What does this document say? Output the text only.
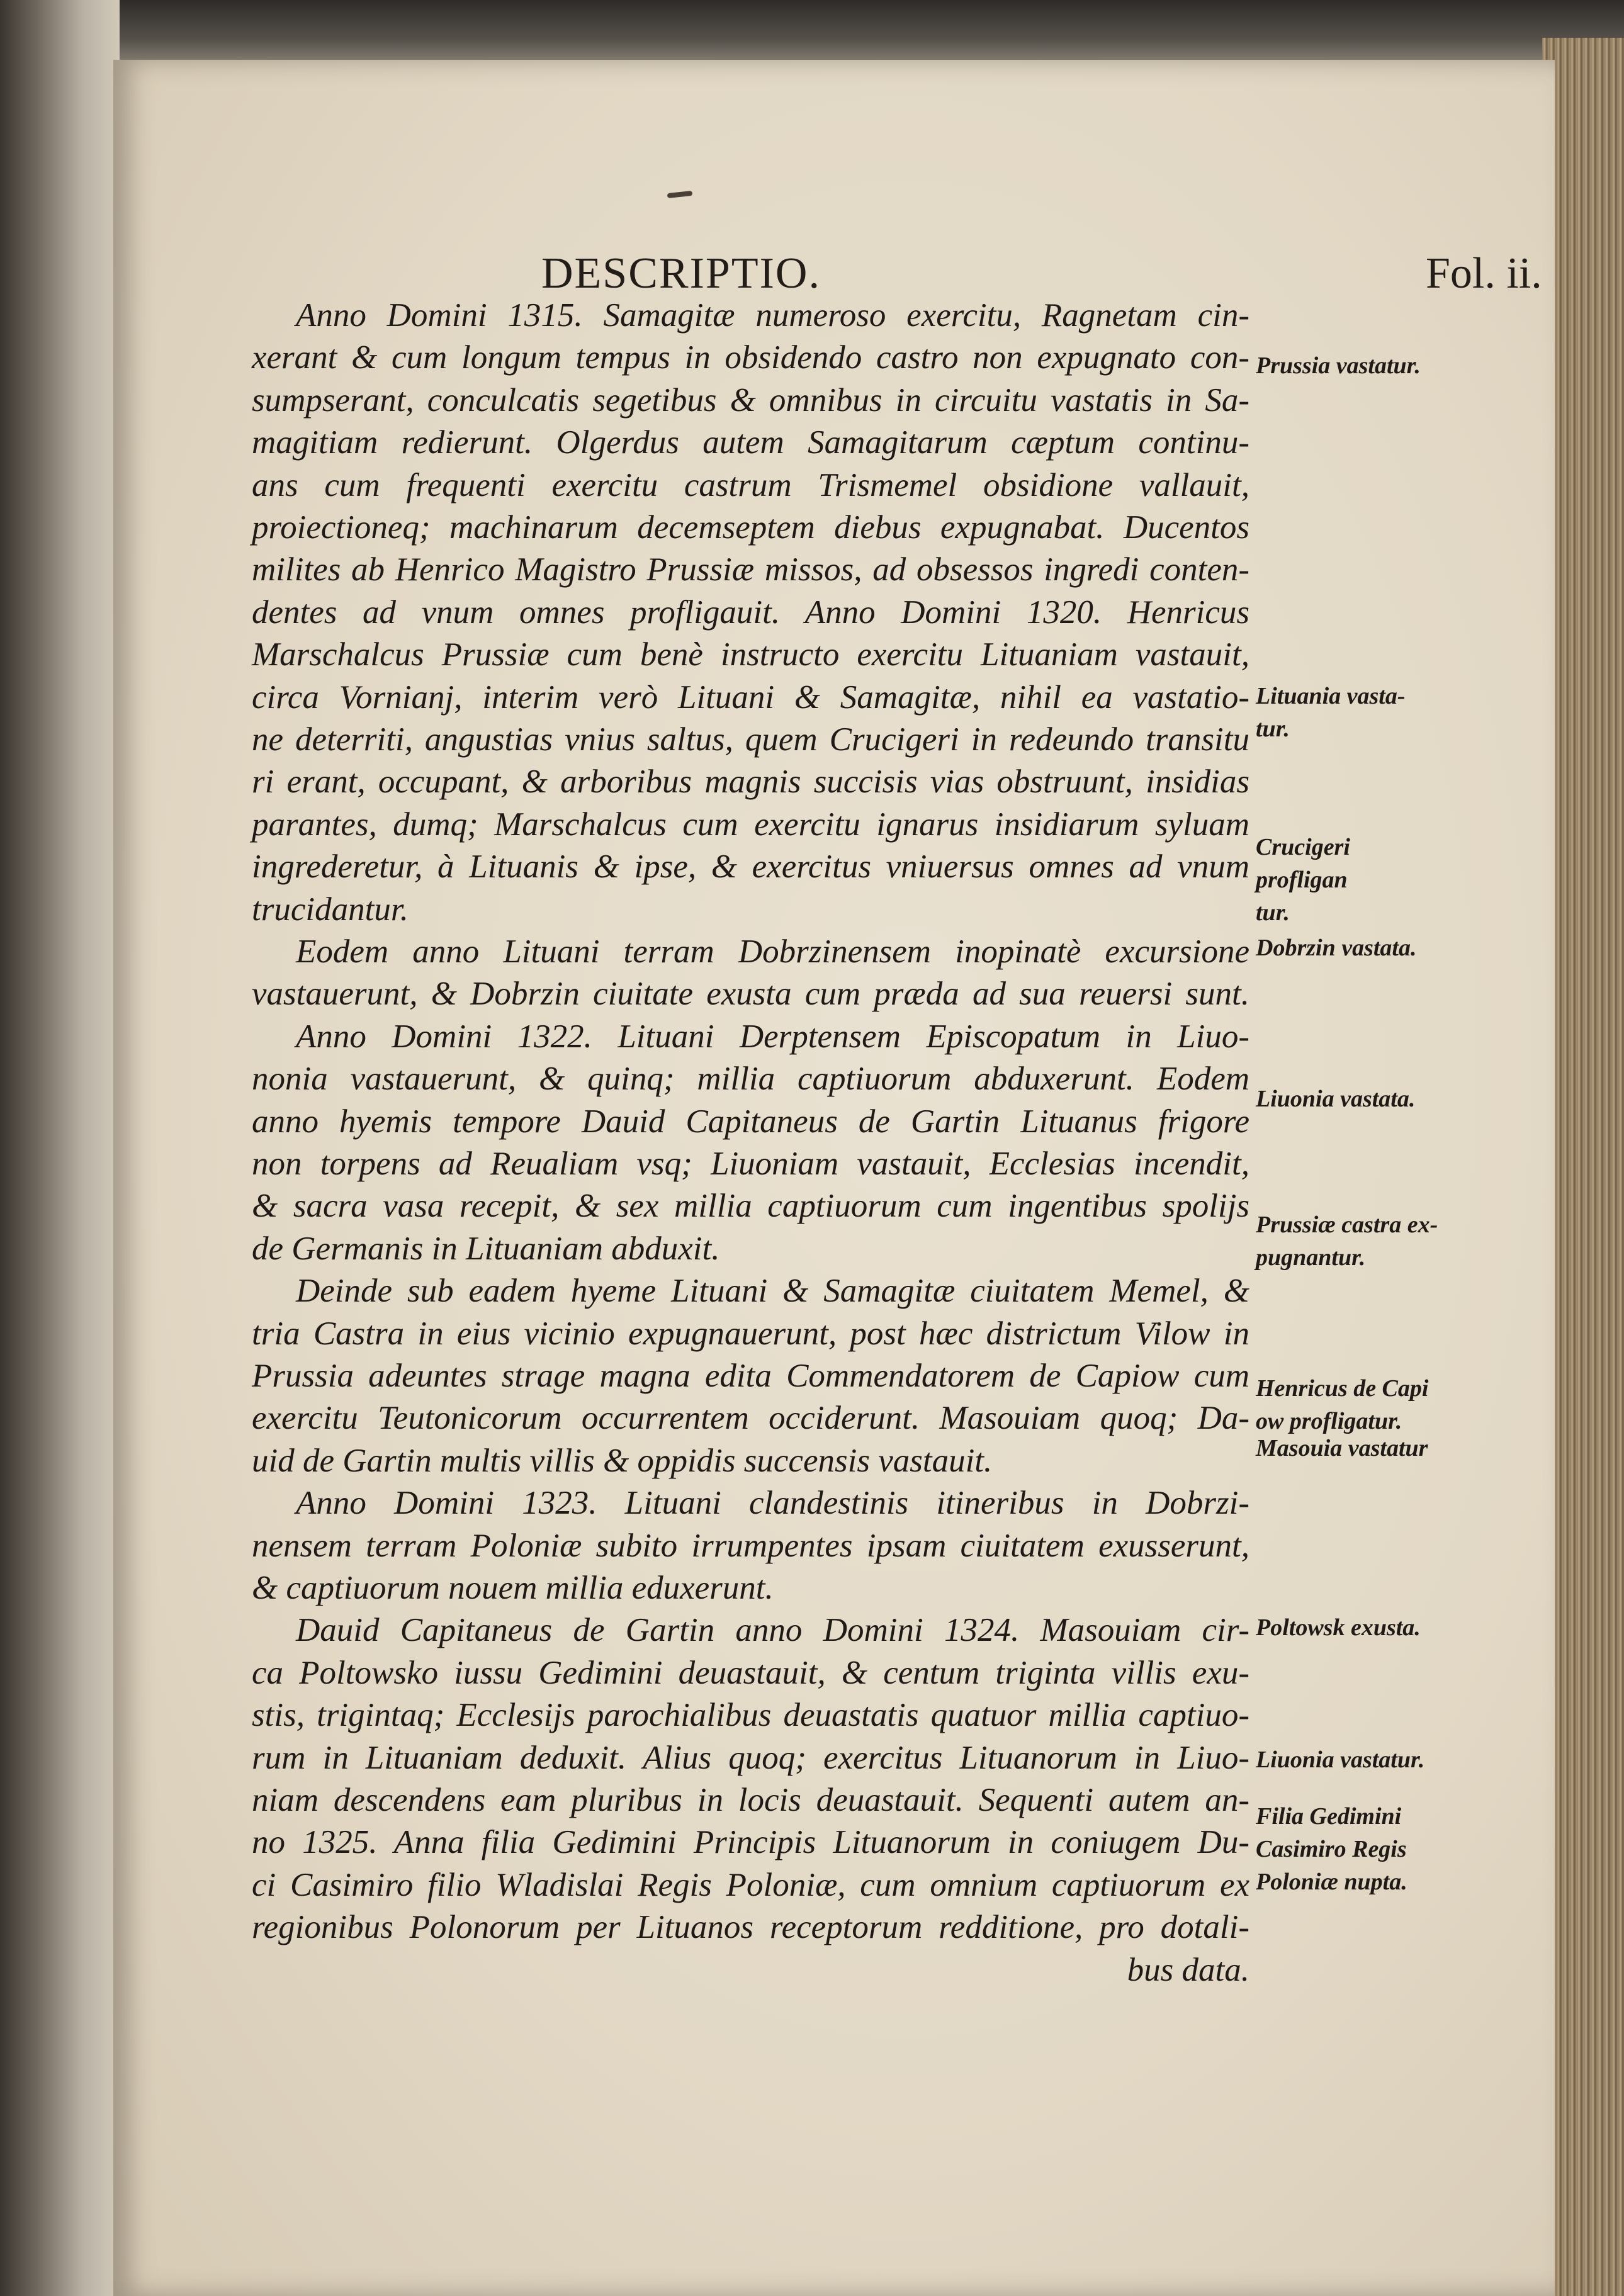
DESCRIPTIO.	Fol. ii.
Anno Domini 1315. Samagitæ numeroso exercitu, Ragnetam cin-
xerant & cum longum tempus in obsidendo castro non expugnato con-
sumpserant, conculcatis segetibus & omnibus in circuitu vastatis in Sa-
magitiam redierunt. Olgerdus autem Samagitarum cæptum continu-
ans cum frequenti exercitu castrum Trismemel obsidione vallauit,
proiectioneq; machinarum decemseptem diebus expugnabat. Ducentos
milites ab Henrico Magistro Prussiæ missos, ad obsessos ingredi conten-
dentes ad vnum omnes profligauit. Anno Domini 1320. Henricus
Marschalcus Prussiæ cum benè instructo exercitu Lituaniam vastauit,
circa Vornianj, interim verò Lituani & Samagitæ, nihil ea vastatio-
ne deterriti, angustias vnius saltus, quem Crucigeri in redeundo transitu
ri erant, occupant, & arboribus magnis succisis vias obstruunt, insidias
parantes, dumq; Marschalcus cum exercitu ignarus insidiarum syluam
ingrederetur, à Lituanis & ipse, & exercitus vniuersus omnes ad vnum
trucidantur.
Eodem anno Lituani terram Dobrzinensem inopinatè excursione
vastauerunt, & Dobrzin ciuitate exusta cum præda ad sua reuersi sunt.
Anno Domini 1322. Lituani Derptensem Episcopatum in Liuo-
nonia vastauerunt, & quinq; millia captiuorum abduxerunt. Eodem
anno hyemis tempore Dauid Capitaneus de Gartin Lituanus frigore
non torpens ad Reualiam vsq; Liuoniam vastauit, Ecclesias incendit,
& sacra vasa recepit, & sex millia captiuorum cum ingentibus spolijs
de Germanis in Lituaniam abduxit.
Deinde sub eadem hyeme Lituani & Samagitæ ciuitatem Memel, &
tria Castra in eius vicinio expugnauerunt, post hæc districtum Vilow in
Prussia adeuntes strage magna edita Commendatorem de Capiow cum
exercitu Teutonicorum occurrentem occiderunt. Masouiam quoq; Da-
uid de Gartin multis villis & oppidis succensis vastauit.
Anno Domini 1323. Lituani clandestinis itineribus in Dobrzi-
nensem terram Poloniæ subito irrumpentes ipsam ciuitatem exusserunt,
& captiuorum nouem millia eduxerunt.
Dauid Capitaneus de Gartin anno Domini 1324. Masouiam cir-
ca Poltowsko iussu Gedimini deuastauit, & centum triginta villis exu-
stis, trigintaq; Ecclesijs parochialibus deuastatis quatuor millia captiuo-
rum in Lituaniam deduxit. Alius quoq; exercitus Lituanorum in Liuo-
niam descendens eam pluribus in locis deuastauit. Sequenti autem an-
no 1325. Anna filia Gedimini Principis Lituanorum in coniugem Du-
ci Casimiro filio Wladislai Regis Poloniæ, cum omnium captiuorum ex
regionibus Polonorum per Lituanos receptorum redditione, pro dotali-
bus data.
Prussia vastatur.
Lituania vasta-
tur.
Crucigeri profligan
tur.
Dobrzin vastata.
Liuonia vastata.
Prussiæ castra ex-
pugnantur.
Henricus de Capi
ow profligatur.
Masouia vastatur
Poltowsk exusta.
Liuonia vastatur.
Filia Gedimini
Casimiro Regis
Poloniæ nupta.
